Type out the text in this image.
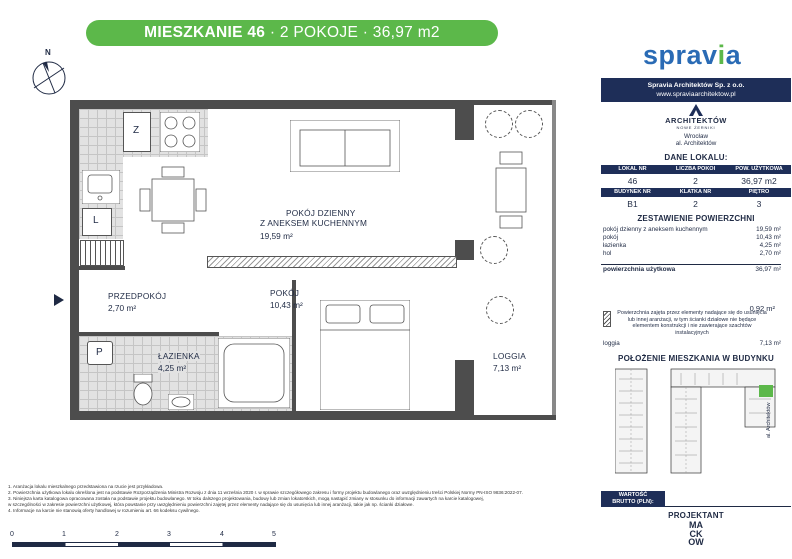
MIESZKANIE 46 · 2 POKOJE · 36,97 m2
N	spravia
Z
L
P
POKÓJ DZIENNY
Z ANEKSEM KUCHENNYM
19,59 m²
PRZEDPOKÓJ
2,70 m²
POKÓJ
10,43 m²
ŁAZIENKA
4,25 m²
LOGGIA
7,13 m²
Spravia Architektów Sp. z o.o.
www.spraviaarchitektow.pl
ARCHITEKTÓW
NOWE ŻERNIKI
Wrocław
al. Architektów
DANE LOKALU:
LOKAL NR	LICZBA POKOI	POW. UŻYTKOWA
46	2	36,97 m2
BUDYNEK NR	KLATKA NR	PIĘTRO
B1	2	3
ZESTAWIENIE POWIERZCHNI
pokój dzienny z aneksem kuchennym	19,59 m²
pokój	10,43 m²
łazienka	4,25 m²
hol	2,70 m²
powierzchnia użytkowa	36,97 m²
0,92 m²
Powierzchnia zajęta przez elementy nadające się do usunięcia lub innej aranżacji, w tym ścianki działowe nie będące elementem konstrukcji i nie zawierające szachtów instalacyjnych
loggia	7,13 m²
POŁOŻENIE MIESZKANIA W BUDYNKU
al. Architektów
WARTOŚĆ
BRUTTO (PLN):
PROJEKTANT
MA
CK
OW
1. Aranżacja lokalu mieszkalnego przedstawiona na rzucie jest przykładowa.
2. Powierzchnia użytkowa lokalu określona jest na podstawie Rozporządzenia Ministra Rozwoju z dnia 11 września 2020 r. w sprawie szczegółowego zakresu i formy projektu budowlanego oraz uwzględnieniu treści Polskiej Normy PN-ISO 9836:2022-07.
3. Niniejsza karta katalogowa opracowana została na podstawie projektu budowlanego. W toku dalszego projektowania, budowy lub zmian lokatorskich, mogą nastąpić zmiany w stosunku do informacji zawartych na karcie katalogowej,
w szczególności w zakresie powierzchni użytkowej, która powstanie przy uwzględnieniu powierzchni zajętej przez elementy nadające się do usunięcia lub innej aranżacji, takie jak np. ścianki działowe.
4. Informacje na karcie nie stanowią oferty handlowej w rozumieniu art. 66 kodeksu cywilnego.
0	1	2	3	4	5
